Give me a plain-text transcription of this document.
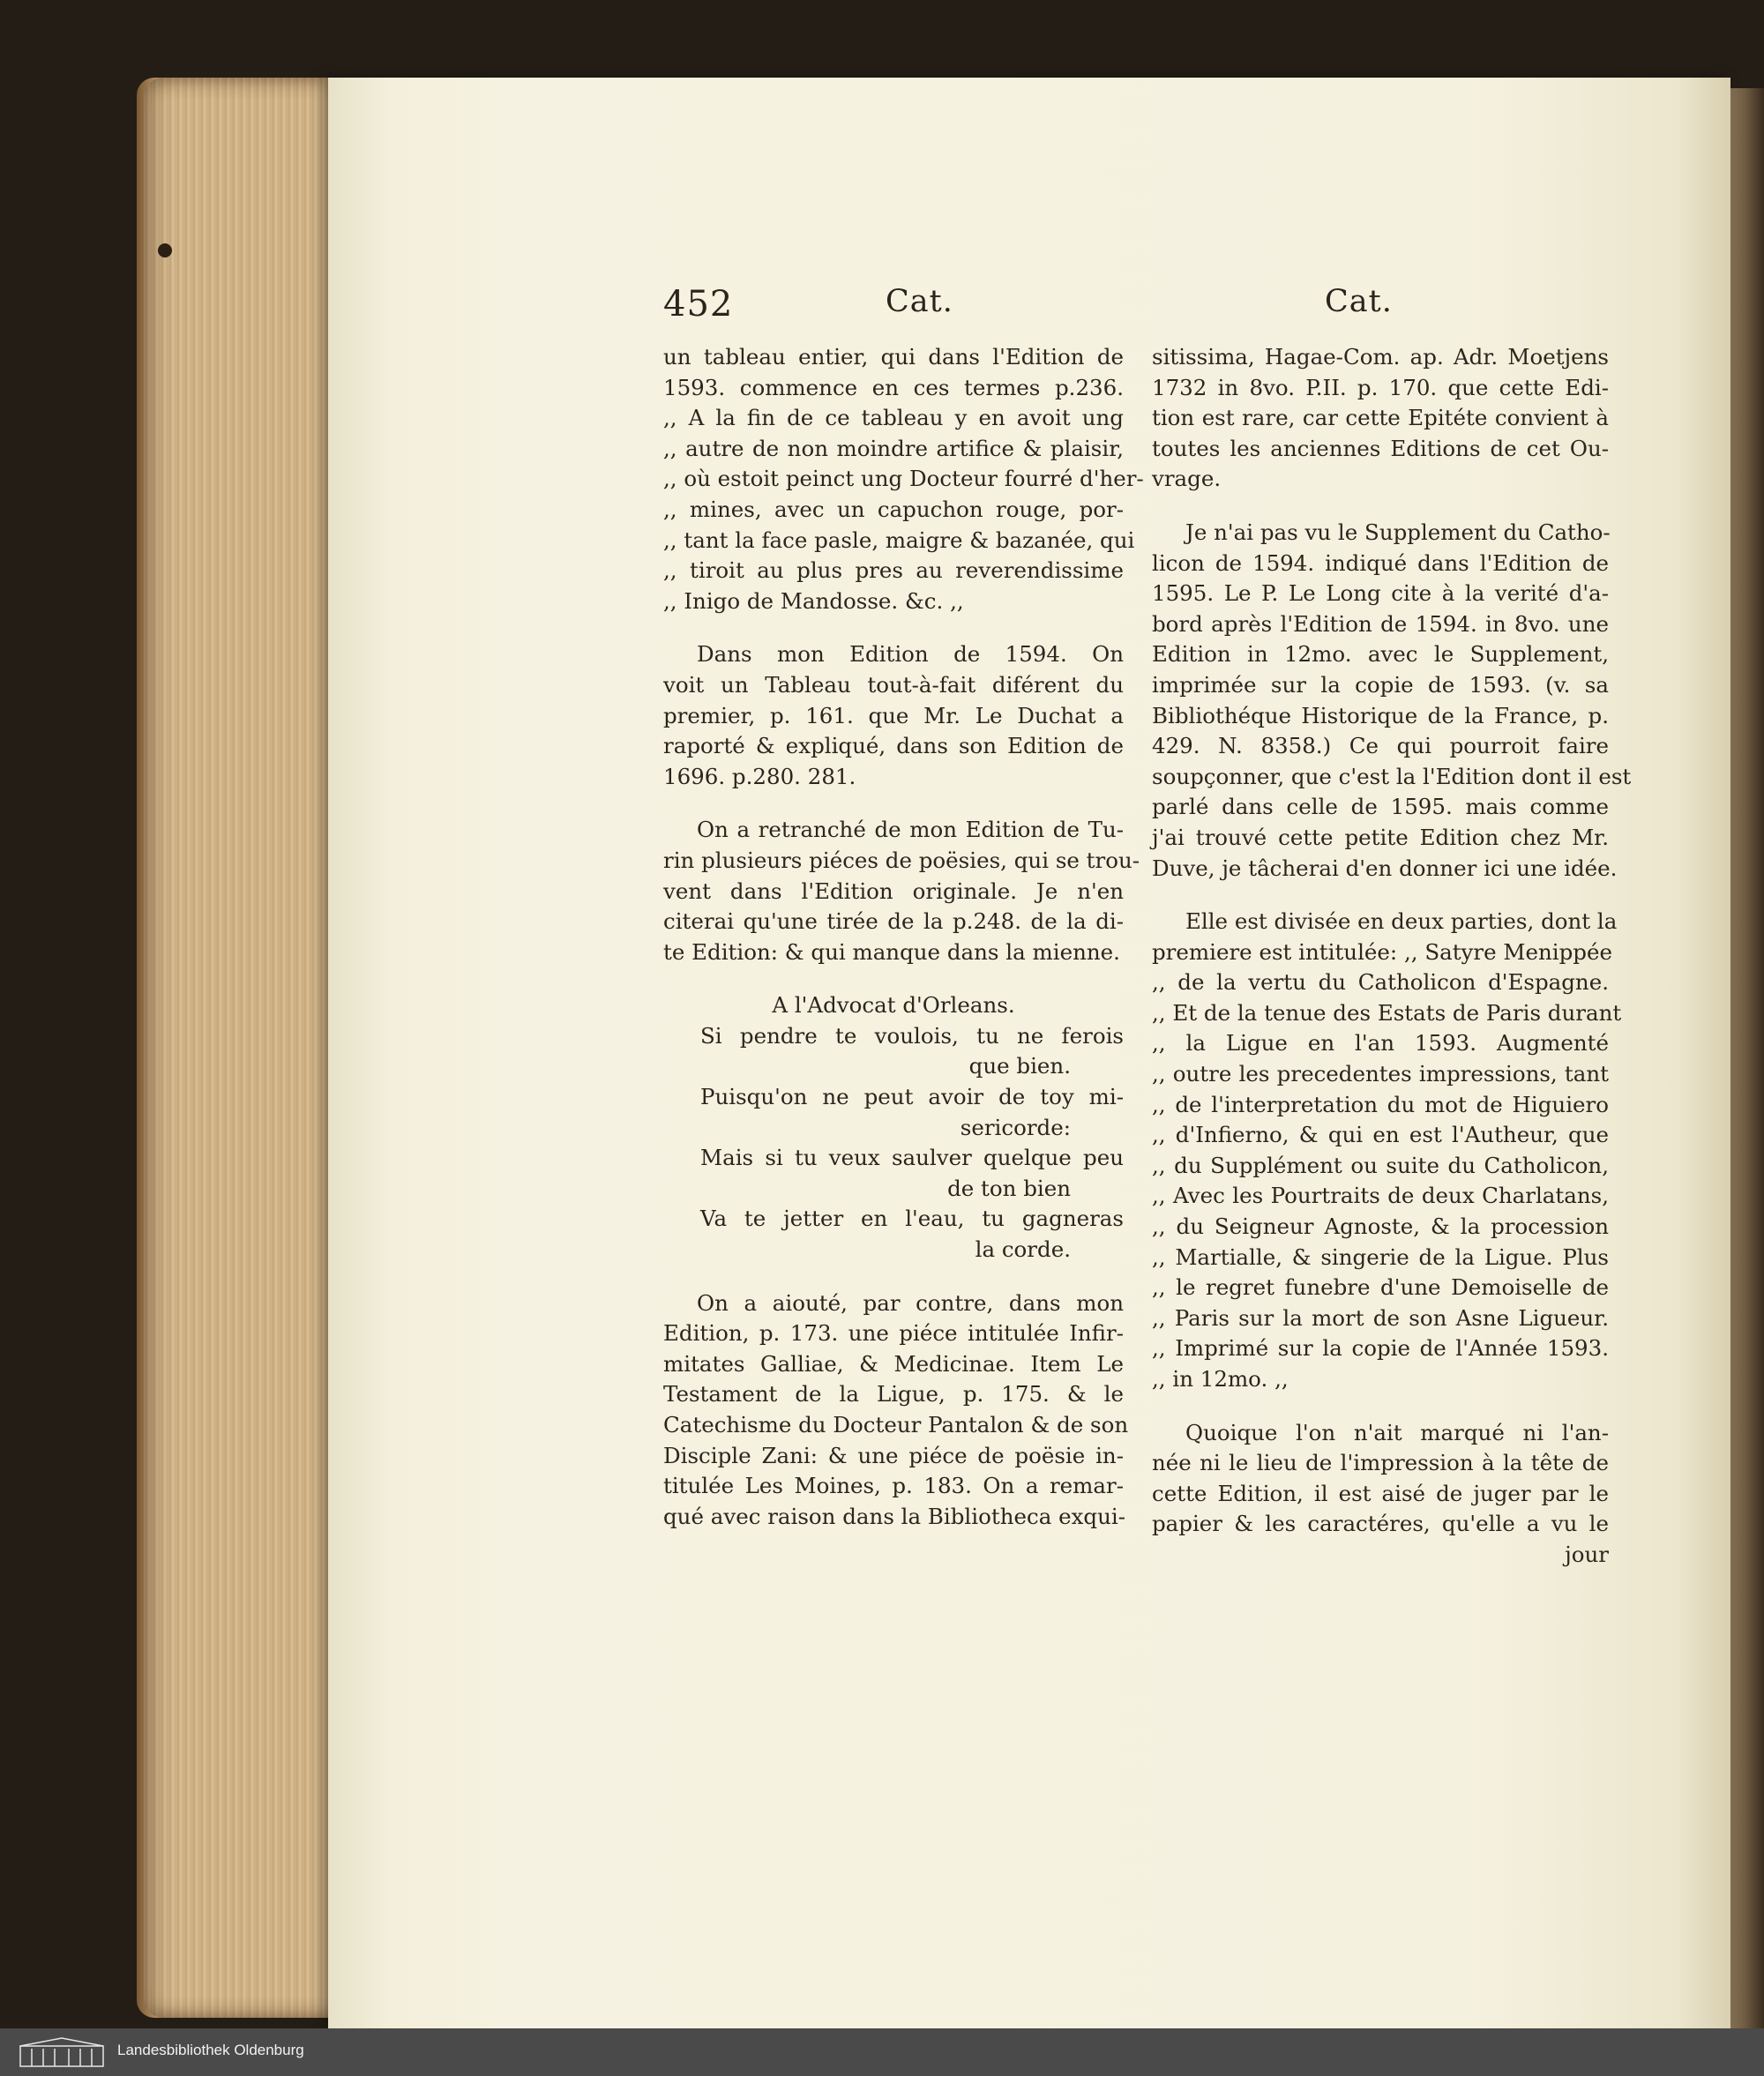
452	Cat.	Cat.
un tableau entier, qui dans l'Edition de
1593. commence en ces termes p.236.
,, A la fin de ce tableau y en avoit ung
,, autre de non moindre artifice & plaisir,
,, où estoit peinct ung Docteur fourré d'her-
,, mines, avec un capuchon rouge, por-
,, tant la face pasle, maigre & bazanée, qui
,, tiroit au plus pres au reverendissime
,, Inigo de Mandosse. &c. ,,
Dans mon Edition de 1594. On
voit un Tableau tout-à-fait diférent du
premier, p. 161. que Mr. Le Duchat a
raporté & expliqué, dans son Edition de
1696. p.280. 281.
On a retranché de mon Edition de Tu-
rin plusieurs piéces de poësies, qui se trou-
vent dans l'Edition originale. Je n'en
citerai qu'une tirée de la p.248. de la di-
te Edition: & qui manque dans la mienne.
A l'Advocat d'Orleans.
Si pendre te voulois, tu ne ferois
que bien.
Puisqu'on ne peut avoir de toy mi-
sericorde:
Mais si tu veux saulver quelque peu
de ton bien
Va te jetter en l'eau, tu gagneras
la corde.
On a aiouté, par contre, dans mon
Edition, p. 173. une piéce intitulée Infir-
mitates Galliae, & Medicinae. Item Le
Testament de la Ligue, p. 175. & le
Catechisme du Docteur Pantalon & de son
Disciple Zani: & une piéce de poësie in-
titulée Les Moines, p. 183. On a remar-
qué avec raison dans la Bibliotheca exqui-
sitissima, Hagae-Com. ap. Adr. Moetjens
1732 in 8vo. P.II. p. 170. que cette Edi-
tion est rare, car cette Epitéte convient à
toutes les anciennes Editions de cet Ou-
vrage.
Je n'ai pas vu le Supplement du Catho-
licon de 1594. indiqué dans l'Edition de
1595. Le P. Le Long cite à la verité d'a-
bord après l'Edition de 1594. in 8vo. une
Edition in 12mo. avec le Supplement,
imprimée sur la copie de 1593. (v. sa
Bibliothéque Historique de la France, p.
429. N. 8358.) Ce qui pourroit faire
soupçonner, que c'est la l'Edition dont il est
parlé dans celle de 1595. mais comme
j'ai trouvé cette petite Edition chez Mr.
Duve, je tâcherai d'en donner ici une idée.
Elle est divisée en deux parties, dont la
premiere est intitulée: ,, Satyre Menippée
,, de la vertu du Catholicon d'Espagne.
,, Et de la tenue des Estats de Paris durant
,, la Ligue en l'an 1593. Augmenté
,, outre les precedentes impressions, tant
,, de l'interpretation du mot de Higuiero
,, d'Infierno, & qui en est l'Autheur, que
,, du Supplément ou suite du Catholicon,
,, Avec les Pourtraits de deux Charlatans,
,, du Seigneur Agnoste, & la procession
,, Martialle, & singerie de la Ligue. Plus
,, le regret funebre d'une Demoiselle de
,, Paris sur la mort de son Asne Ligueur.
,, Imprimé sur la copie de l'Année 1593.
,, in 12mo. ,,
Quoique l'on n'ait marqué ni l'an-
née ni le lieu de l'impression à la tête de
cette Edition, il est aisé de juger par le
papier & les caractéres, qu'elle a vu le
jour
Landesbibliothek Oldenburg
